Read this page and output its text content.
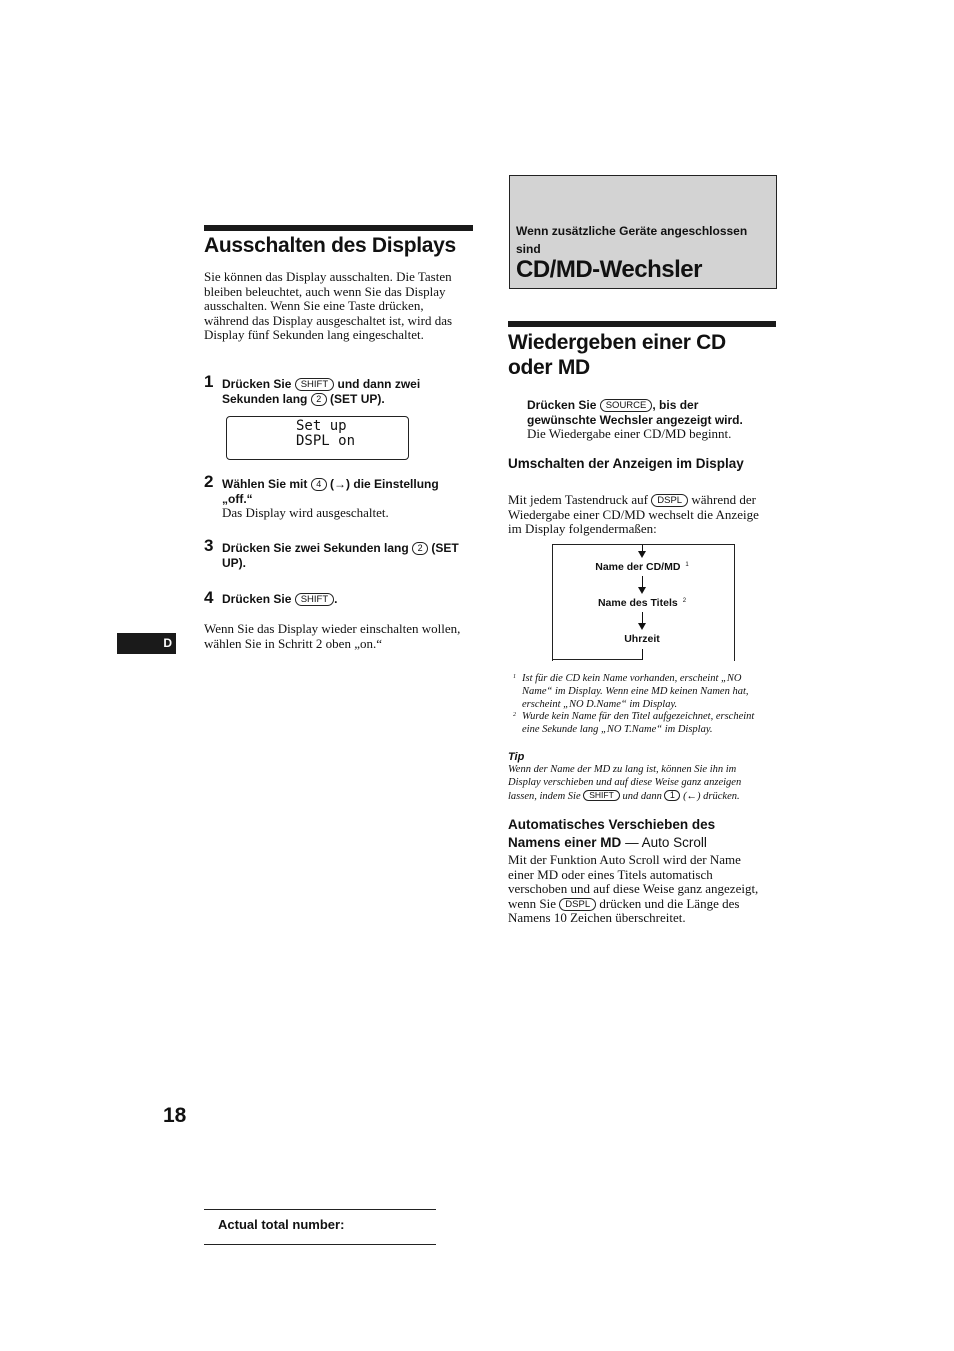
Ausschalten des Displays
Sie können das Display ausschalten. Die Tasten bleiben beleuchtet, auch wenn Sie das Display ausschalten. Wenn Sie eine Taste drücken, während das Display ausgeschaltet ist, wird das Display fünf Sekunden lang eingeschaltet.
1 Drücken Sie SHIFT und dann zwei Sekunden lang 2 (SET UP).
Set up
DSPL on
2 Wählen Sie mit 4 (→) die Einstellung „off.“
Das Display wird ausgeschaltet.
3 Drücken Sie zwei Sekunden lang 2 (SET UP).
4 Drücken Sie SHIFT .
Wenn Sie das Display wieder einschalten wollen, wählen Sie in Schritt 2 oben „on.“
D
18
Actual total number:
Wenn zusätzliche Geräte angeschlossen sind
CD/MD-Wechsler
Wiedergeben einer CD oder MD
Drücken Sie SOURCE , bis der gewünschte Wechsler angezeigt wird.
Die Wiedergabe einer CD/MD beginnt.
Umschalten der Anzeigen im Display
Mit jedem Tastendruck auf DSPL während der Wiedergabe einer CD/MD wechselt die Anzeige im Display folgendermaßen:
Name der CD/MD $^1$
Name des Titels $^2$
Uhrzeit
1 Ist für die CD kein Name vorhanden, erscheint „NO Name“ im Display. Wenn eine MD keinen Namen hat, erscheint „NO D.Name“ im Display.
2 Wurde kein Name für den Titel aufgezeichnet, erscheint eine Sekunde lang „NO T.Name“ im Display.
Tip
Wenn der Name der MD zu lang ist, können Sie ihn im Display verschieben und auf diese Weise ganz anzeigen lassen, indem Sie SHIFT und dann 1 (←) drücken.
Automatisches Verschieben des Namens einer MD — Auto Scroll
Mit der Funktion Auto Scroll wird der Name einer MD oder eines Titels automatisch verschoben und auf diese Weise ganz angezeigt, wenn Sie DSPL drücken und die Länge des Namens 10 Zeichen überschreitet.
